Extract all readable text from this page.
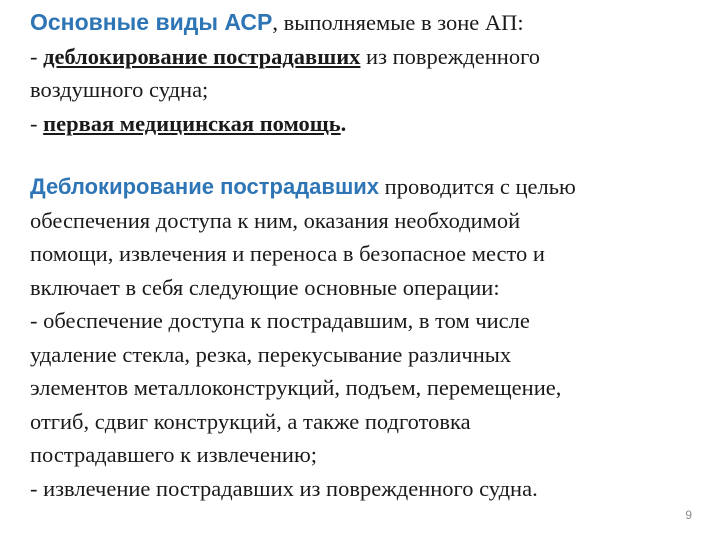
Основные виды АСР, выполняемые в зоне АП:
- деблокирование пострадавших из поврежденного
воздушного судна;
- первая медицинская помощь.
Деблокирование пострадавших проводится с целью
обеспечения доступа к ним, оказания необходимой
помощи, извлечения и переноса в безопасное место и
включает в себя следующие основные операции:
- обеспечение доступа к пострадавшим, в том числе
удаление стекла, резка, перекусывание различных
элементов металлоконструкций, подъем, перемещение,
отгиб, сдвиг конструкций, а также подготовка
пострадавшего к извлечению;
- извлечение пострадавших из поврежденного судна.
9
